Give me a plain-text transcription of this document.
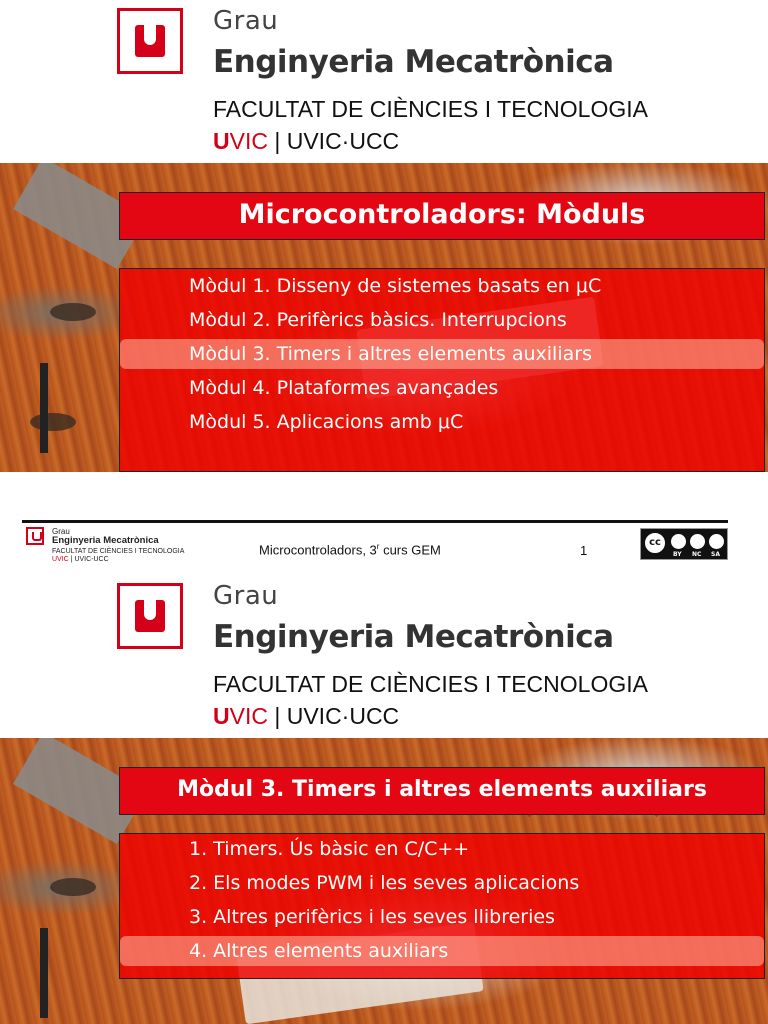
Grau
Enginyeria Mecatrònica
FACULTAT DE CIÈNCIES I TECNOLOGIA
UVIC | UVIC·UCC
Microcontroladors: Mòduls
Mòdul 1. Disseny de sistemes basats en μC
Mòdul 2. Perifèrics bàsics. Interrupcions
Mòdul 3. Timers i altres elements auxiliars
Mòdul 4. Plataformes avançades
Mòdul 5. Aplicacions amb μC
Grau
Enginyeria Mecatrònica
FACULTAT DE CIÈNCIES I TECNOLOGIA
UVIC | UVIC-UCC
Microcontroladors, 3$^r$ curs GEM	1
cc
BY NC SA
Grau
Enginyeria Mecatrònica
FACULTAT DE CIÈNCIES I TECNOLOGIA
UVIC | UVIC·UCC
Mòdul 3. Timers i altres elements auxiliars
1. Timers. Ús bàsic en C/C++
2. Els modes PWM i les seves aplicacions
3. Altres perifèrics i les seves llibreries
4. Altres elements auxiliars
